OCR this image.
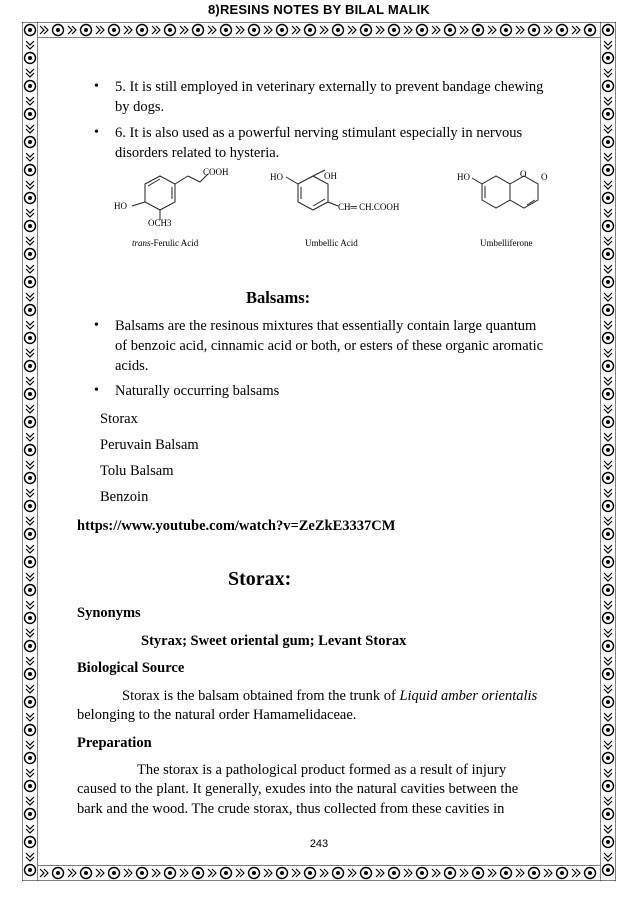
8)RESINS NOTES BY BILAL MALIK
• 5. It is still employed in veterinary externally to prevent bandage chewing
by dogs.
• 6. It is also used as a powerful nerving stimulant especially in nervous
disorders related to hysteria.
COOH
HO
OCH3
trans-Ferulic Acid
HO	OH
CH═ CH.COOH
Umbellic Acid
HO	O O
Umbelliferone
Balsams:
• Balsams are the resinous mixtures that essentially contain large quantum
of benzoic acid, cinnamic acid or both, or esters of these organic aromatic
acids.
• Naturally occurring balsams
Storax
Peruvain Balsam
Tolu Balsam
Benzoin
https://www.youtube.com/watch?v=ZeZkE3337CM
Storax:
Synonyms
Styrax; Sweet oriental gum; Levant Storax
Biological Source
Storax is the balsam obtained from the trunk of Liquid amber orientalis
belonging to the natural order Hamamelidaceae.
Preparation
The storax is a pathological product formed as a result of injury
caused to the plant. It generally, exudes into the natural cavities between the
bark and the wood. The crude storax, thus collected from these cavities in
243
